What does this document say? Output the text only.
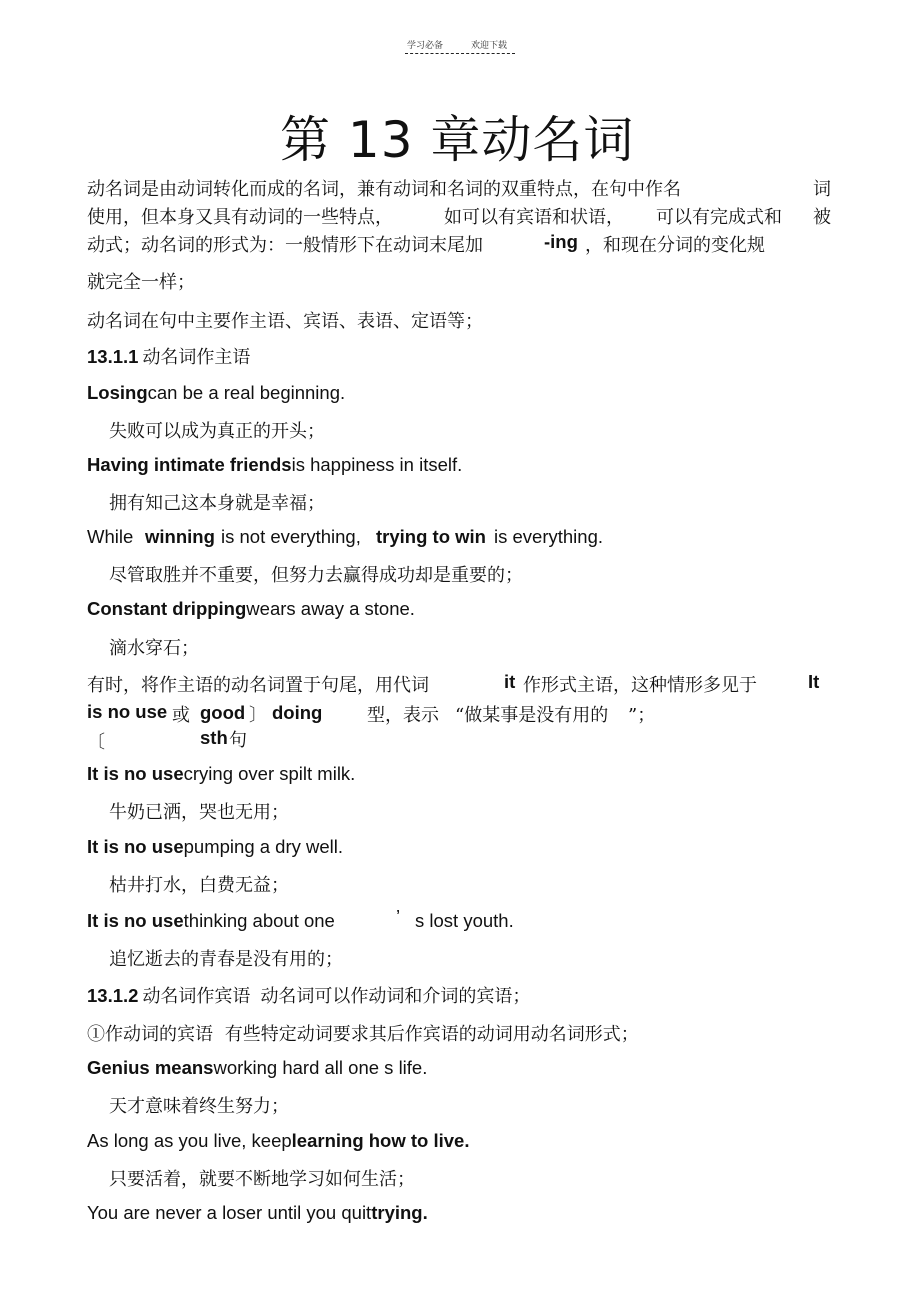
学习必备	欢迎下载
第 13 章动名词
动名词是由动词转化而成的名词，兼有动词和名词的双重特点，在句中作名	词
使用，但本身又具有动词的一些特点，	如可以有宾语和状语， 可以有完成式和 被
动式；动名词的形式为：一般情形下在动词末尾加	-ing ，和现在分词的变化规
就完全一样；
动名词在句中主要作主语、宾语、表语、定语等；
13.1.1 动名词作主语
Losingcan be a real beginning.
失败可以成为真正的开头；
Having intimate friendsis happiness in itself.
拥有知己这本身就是幸福；
While winning is not everything, trying to win is everything.
尽管取胜并不重要，但努力去赢得成功却是重要的；
Constant drippingwears away a stone.
滴水穿石；
有时，将作主语的动名词置于句尾，用代词	it 作形式主语，这种情形多见于	It
is no use 或 good 〕 doing 型，表示 “做某事是没有用的 ”；
〔	sth 句
It is no usecrying over spilt milk.
牛奶已洒，哭也无用；
It is no usepumping a dry well.
枯井打水，白费无益；
It is no usethinking about one	’ s lost youth.
追忆逝去的青春是没有用的；
13.1.2 动名词作宾语 动名词可以作动词和介词的宾语；
①作动词的宾语 有些特定动词要求其后作宾语的动词用动名词形式；
Genius meansworking hard all one s life.
天才意味着终生努力；
As long as you live, keeplearning how to live.
只要活着，就要不断地学习如何生活；
You are never a loser until you quittrying.
